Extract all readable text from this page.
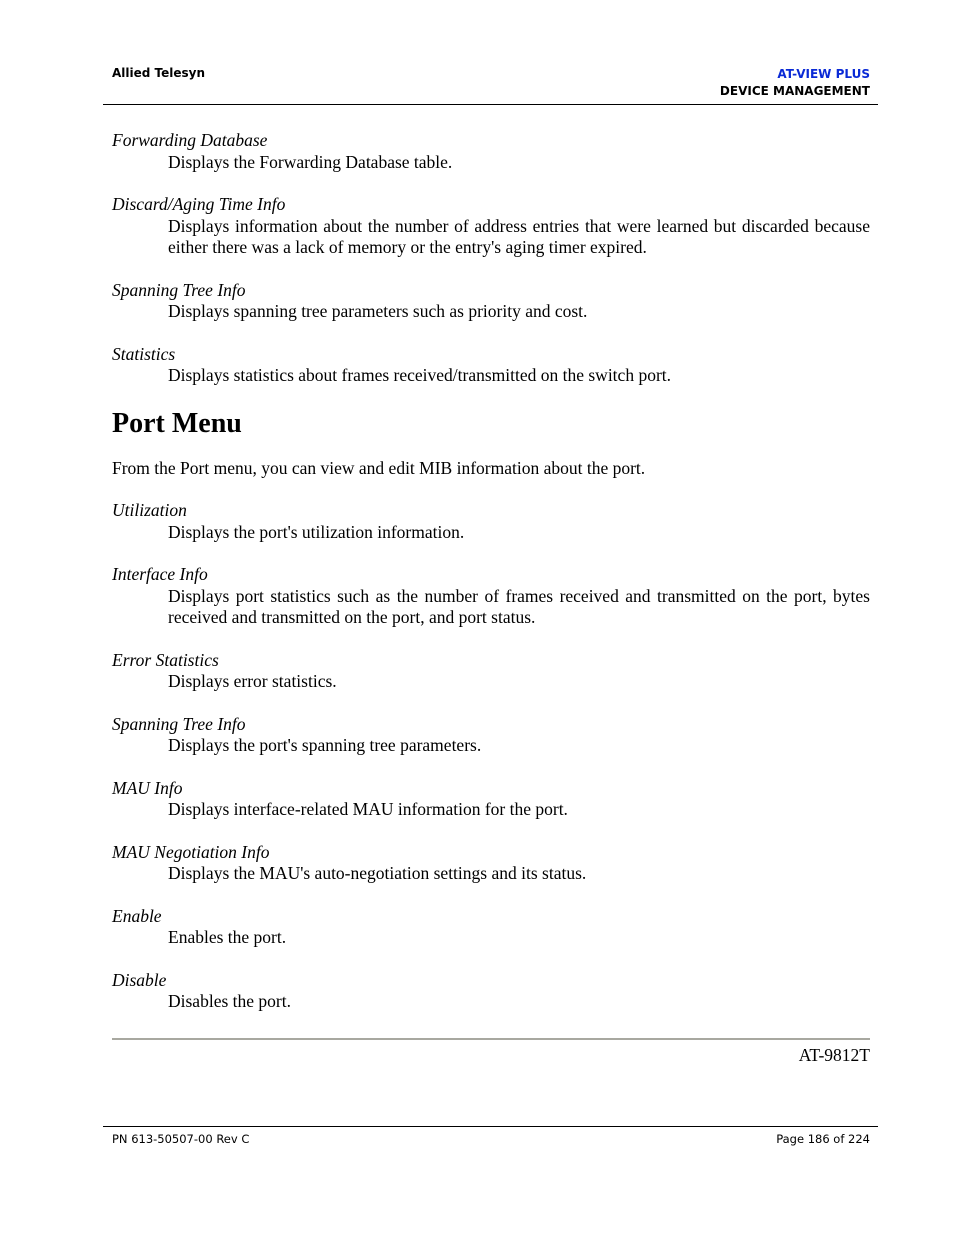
Allied Telesyn	AT-VIEW PLUS
DEVICE MANAGEMENT
Forwarding Database
Displays the Forwarding Database table.
Discard/Aging Time Info
Displays information about the number of address entries that were learned but discarded because either there was a lack of memory or the entry's aging timer expired.
Spanning Tree Info
Displays spanning tree parameters such as priority and cost.
Statistics
Displays statistics about frames received/transmitted on the switch port.
Port Menu
From the Port menu, you can view and edit MIB information about the port.
Utilization
Displays the port's utilization information.
Interface Info
Displays port statistics such as the number of frames received and transmitted on the port, bytes received and transmitted on the port, and port status.
Error Statistics
Displays error statistics.
Spanning Tree Info
Displays the port's spanning tree parameters.
MAU Info
Displays interface-related MAU information for the port.
MAU Negotiation Info
Displays the MAU's auto-negotiation settings and its status.
Enable
Enables the port.
Disable
Disables the port.
AT-9812T
PN 613-50507-00 Rev C	Page 186 of 224
